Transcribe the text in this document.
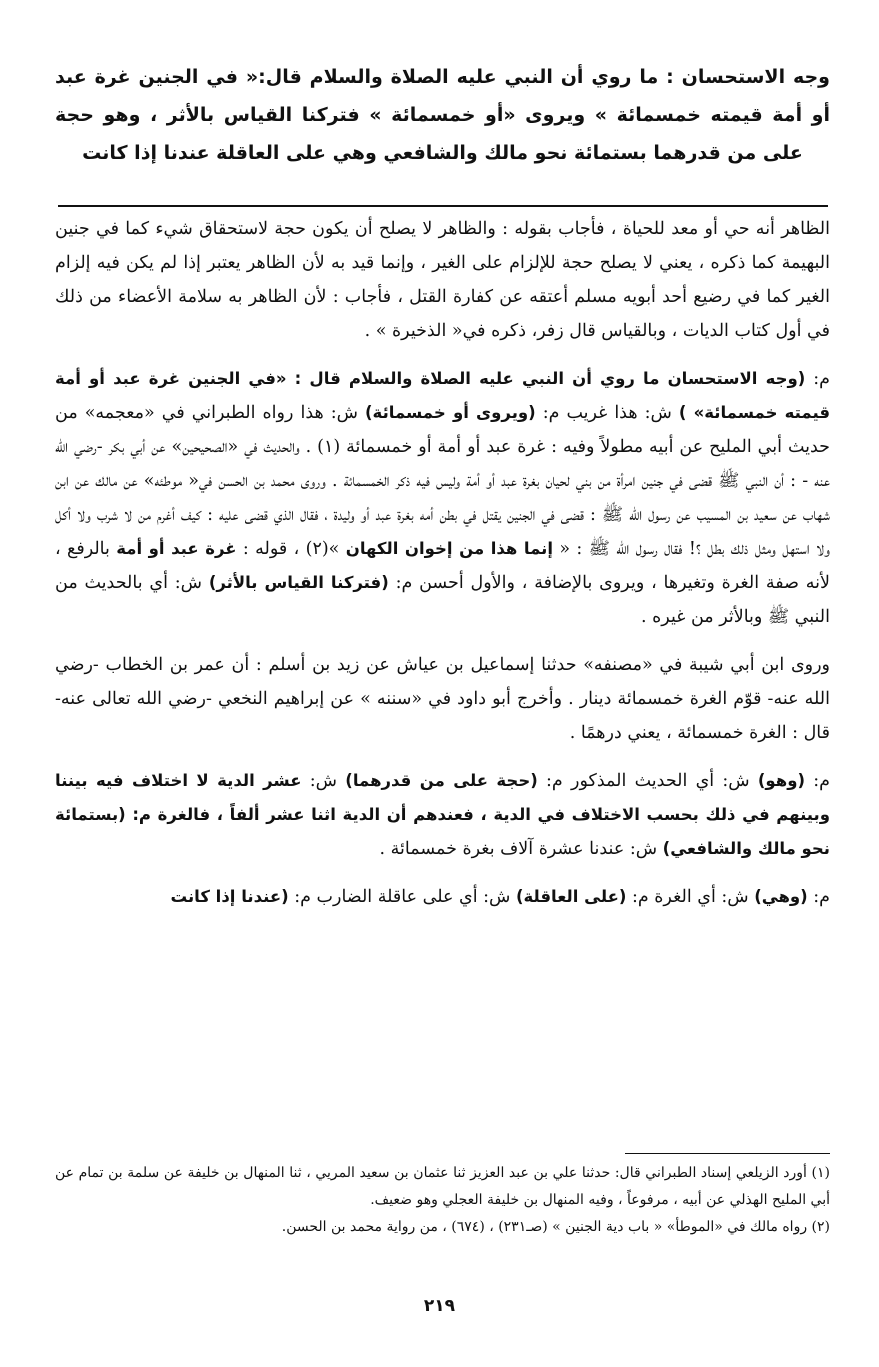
وجه الاستحسان : ما روي أن النبي عليه الصلاة والسلام قال:« في الجنين غرة عبد أو أمة قيمته خمسمائة » ويروى «أو خمسمائة » فتركنا القياس بالأثر ، وهو حجة على من قدرهما بستمائة نحو مالك والشافعي وهي على العاقلة عندنا إذا كانت

الظاهر أنه حي أو معد للحياة ، فأجاب بقوله : والظاهر لا يصلح أن يكون حجة لاستحقاق شيء كما في جنين البهيمة كما ذكره ، يعني لا يصلح حجة للإلزام على الغير ، وإنما قيد به لأن الظاهر يعتبر إذا لم يكن فيه إلزام الغير كما في رضيع أحد أبويه مسلم أعتقه عن كفارة القتل ، فأجاب : لأن الظاهر به سلامة الأعضاء من ذلك في أول كتاب الديات ، وبالقياس قال زفر، ذكره في« الذخيرة » .

م: (وجه الاستحسان ما روي أن النبي عليه الصلاة والسلام قال : «في الجنين غرة عبد أو أمة قيمته خمسمائة» ) ش: هذا غريب م: (ويروى أو خمسمائة) ش: هذا رواه الطبراني في «معجمه» من حديث أبي المليح عن أبيه مطولاً وفيه : غرة عبد أو أمة أو خمسمائة (١) . والحديث في «الصحيحين» عن أبي بكر -رضي الله عنه - : أن النبي ﷺ قضى في جنين امرأة من بني لحيان بغرة عبد أو أمة وليس فيه ذكر الخمسمائة . وروى محمد بن الحسن في« موطئه» عن مالك عن ابن شهاب عن سعيد بن المسيب عن رسول الله ﷺ : قضى في الجنين يقتل في بطن أمه بغرة عبد أو وليدة ، فقال الذي قضى عليه : كيف أغرم من لا شرب ولا أكل ولا استهل ومثل ذلك بطل ؟! فقال رسول الله ﷺ : « إنما هذا من إخوان الكهان »(٢) ، قوله : غرة عبد أو أمة بالرفع ، لأنه صفة الغرة وتغيرها ، ويروى بالإضافة ، والأول أحسن م: (فتركنا القياس بالأثر) ش: أي بالحديث من النبي ﷺ وبالأثر من غيره .

وروى ابن أبي شيبة في «مصنفه» حدثنا إسماعيل بن عياش عن زيد بن أسلم : أن عمر بن الخطاب -رضي الله عنه- قوّم الغرة خمسمائة دينار . وأخرج أبو داود في «سننه » عن إبراهيم النخعي -رضي الله تعالى عنه- قال : الغرة خمسمائة ، يعني درهمًا .

م: (وهو) ش: أي الحديث المذكور م: (حجة على من قدرهما) ش: عشر الدية لا اختلاف فيه بيننا وبينهم في ذلك بحسب الاختلاف في الدية ، فعندهم أن الدية اثنا عشر ألفاً ، فالغرة م: (بستمائة نحو مالك والشافعي) ش: عندنا عشرة آلاف بغرة خمسمائة .

م: (وهي) ش: أي الغرة م: (على العاقلة) ش: أي على عاقلة الضارب م: (عندنا إذا كانت

(١) أورد الزيلعي إسناد الطبراني قال: حدثنا علي بن عبد العزيز ثنا عثمان بن سعيد المريي ، ثنا المنهال بن خليفة عن سلمة بن تمام عن أبي المليح الهذلي عن أبيه ، مرفوعاً ، وفيه المنهال بن خليفة العجلي وهو ضعيف.

(٢) رواه مالك في «الموطأ» « باب دية الجنين » (صـ٢٣١) ، (٦٧٤) ، من رواية محمد بن الحسن.

٢١٩
